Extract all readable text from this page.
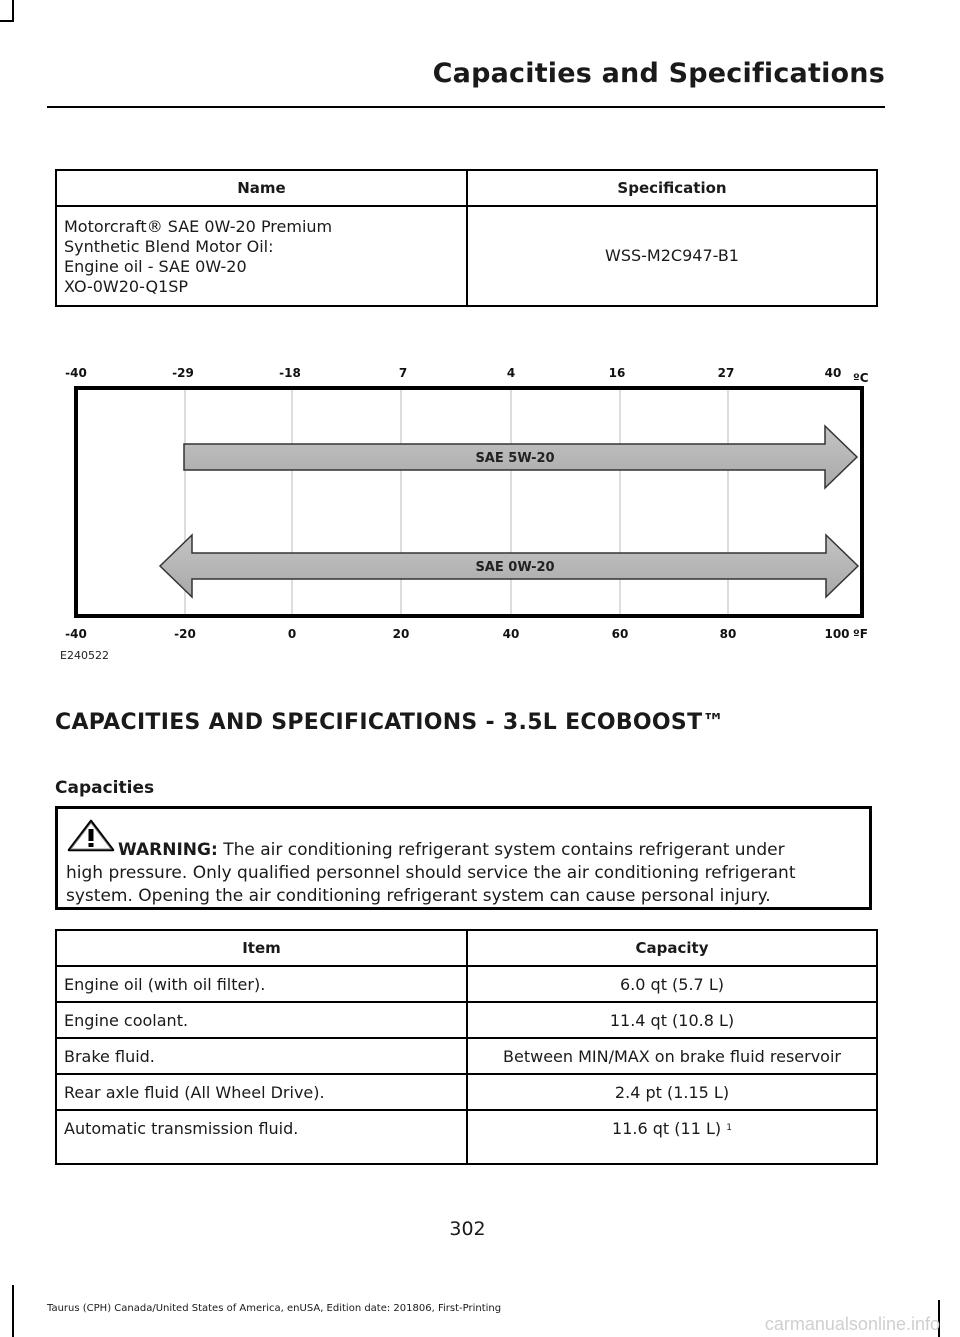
Capacities and Specifications
Name	Specification
Motorcraft® SAE 0W-20 Premium
Synthetic Blend Motor Oil:
Engine oil - SAE 0W-20
XO-0W20-Q1SP	WSS-M2C947-B1
SAE 5W-20
SAE 0W-20
-40	-29	-18	7	4	16	27	40 ºC
-40	-20	0	20	40	60	80	100 ºF
E240522
CAPACITIES AND SPECIFICATIONS - 3.5L ECOBOOST™
Capacities
WARNING: The air conditioning refrigerant system contains refrigerant under
high pressure. Only qualified personnel should service the air conditioning refrigerant
system. Opening the air conditioning refrigerant system can cause personal injury.
Item	Capacity
Engine oil (with oil filter).	6.0 qt (5.7 L)
Engine coolant.	11.4 qt (10.8 L)
Brake fluid.	Between MIN/MAX on brake fluid reservoir
Rear axle fluid (All Wheel Drive).	2.4 pt (1.15 L)
Automatic transmission fluid.	11.6 qt (11 L) $^1$
302
Taurus (CPH) Canada/United States of America, enUSA, Edition date: 201806, First-Printing
carmanualsonline.info
